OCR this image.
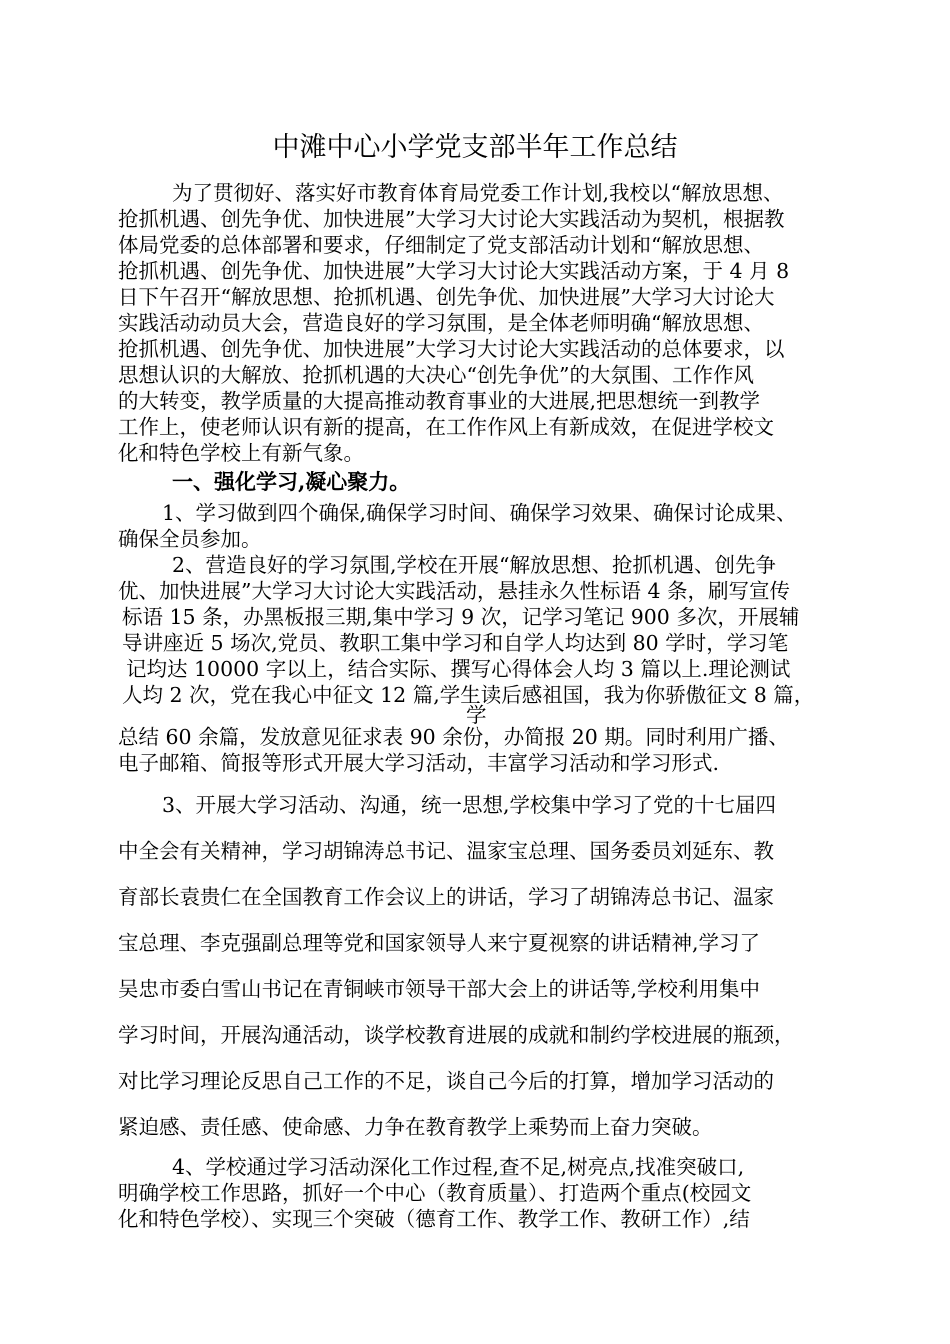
中滩中心小学党支部半年工作总结
为了贯彻好、落实好市教育体育局党委工作计划,我校以“解放思想、
抢抓机遇、创先争优、加快进展”大学习大讨论大实践活动为契机，根据教
体局党委的总体部署和要求，仔细制定了党支部活动计划和“解放思想、
抢抓机遇、创先争优、加快进展”大学习大讨论大实践活动方案，于 4 月 8
日下午召开“解放思想、抢抓机遇、创先争优、加快进展”大学习大讨论大
实践活动动员大会，营造良好的学习氛围，是全体老师明确“解放思想、
抢抓机遇、创先争优、加快进展”大学习大讨论大实践活动的总体要求，以
思想认识的大解放、抢抓机遇的大决心“创先争优”的大氛围、工作作风
的大转变，教学质量的大提高推动教育事业的大进展,把思想统一到教学
工作上，使老师认识有新的提高，在工作作风上有新成效，在促进学校文
化和特色学校上有新气象。
一、强化学习,凝心聚力。
1、学习做到四个确保,确保学习时间、确保学习效果、确保讨论成果、
确保全员参加。
2、营造良好的学习氛围,学校在开展“解放思想、抢抓机遇、创先争
优、加快进展”大学习大讨论大实践活动，悬挂永久性标语 4 条，刷写宣传
标语 15 条，办黑板报三期,集中学习 9 次，记学习笔记 900 多次，开展辅
导讲座近 5 场次,党员、教职工集中学习和自学人均达到 80 学时，学习笔
记均达 10000 字以上，结合实际、撰写心得体会人均 3 篇以上.理论测试
人均 2 次，党在我心中征文 12 篇,学生读后感祖国，我为你骄傲征文 8 篇，
学
总结 60 余篇，发放意见征求表 90 余份，办简报 20 期。同时利用广播、
电子邮箱、简报等形式开展大学习活动，丰富学习活动和学习形式.
3、开展大学习活动、沟通，统一思想,学校集中学习了党的十七届四
中全会有关精神，学习胡锦涛总书记、温家宝总理、国务委员刘延东、教
育部长袁贵仁在全国教育工作会议上的讲话，学习了胡锦涛总书记、温家
宝总理、李克强副总理等党和国家领导人来宁夏视察的讲话精神,学习了
吴忠市委白雪山书记在青铜峡市领导干部大会上的讲话等,学校利用集中
学习时间，开展沟通活动，谈学校教育进展的成就和制约学校进展的瓶颈，
对比学习理论反思自己工作的不足，谈自己今后的打算，增加学习活动的
紧迫感、责任感、使命感、力争在教育教学上乘势而上奋力突破。
4、学校通过学习活动深化工作过程,查不足,树亮点,找准突破口,
明确学校工作思路，抓好一个中心（教育质量）、打造两个重点(校园文
化和特色学校）、实现三个突破（德育工作、教学工作、教研工作）,结
